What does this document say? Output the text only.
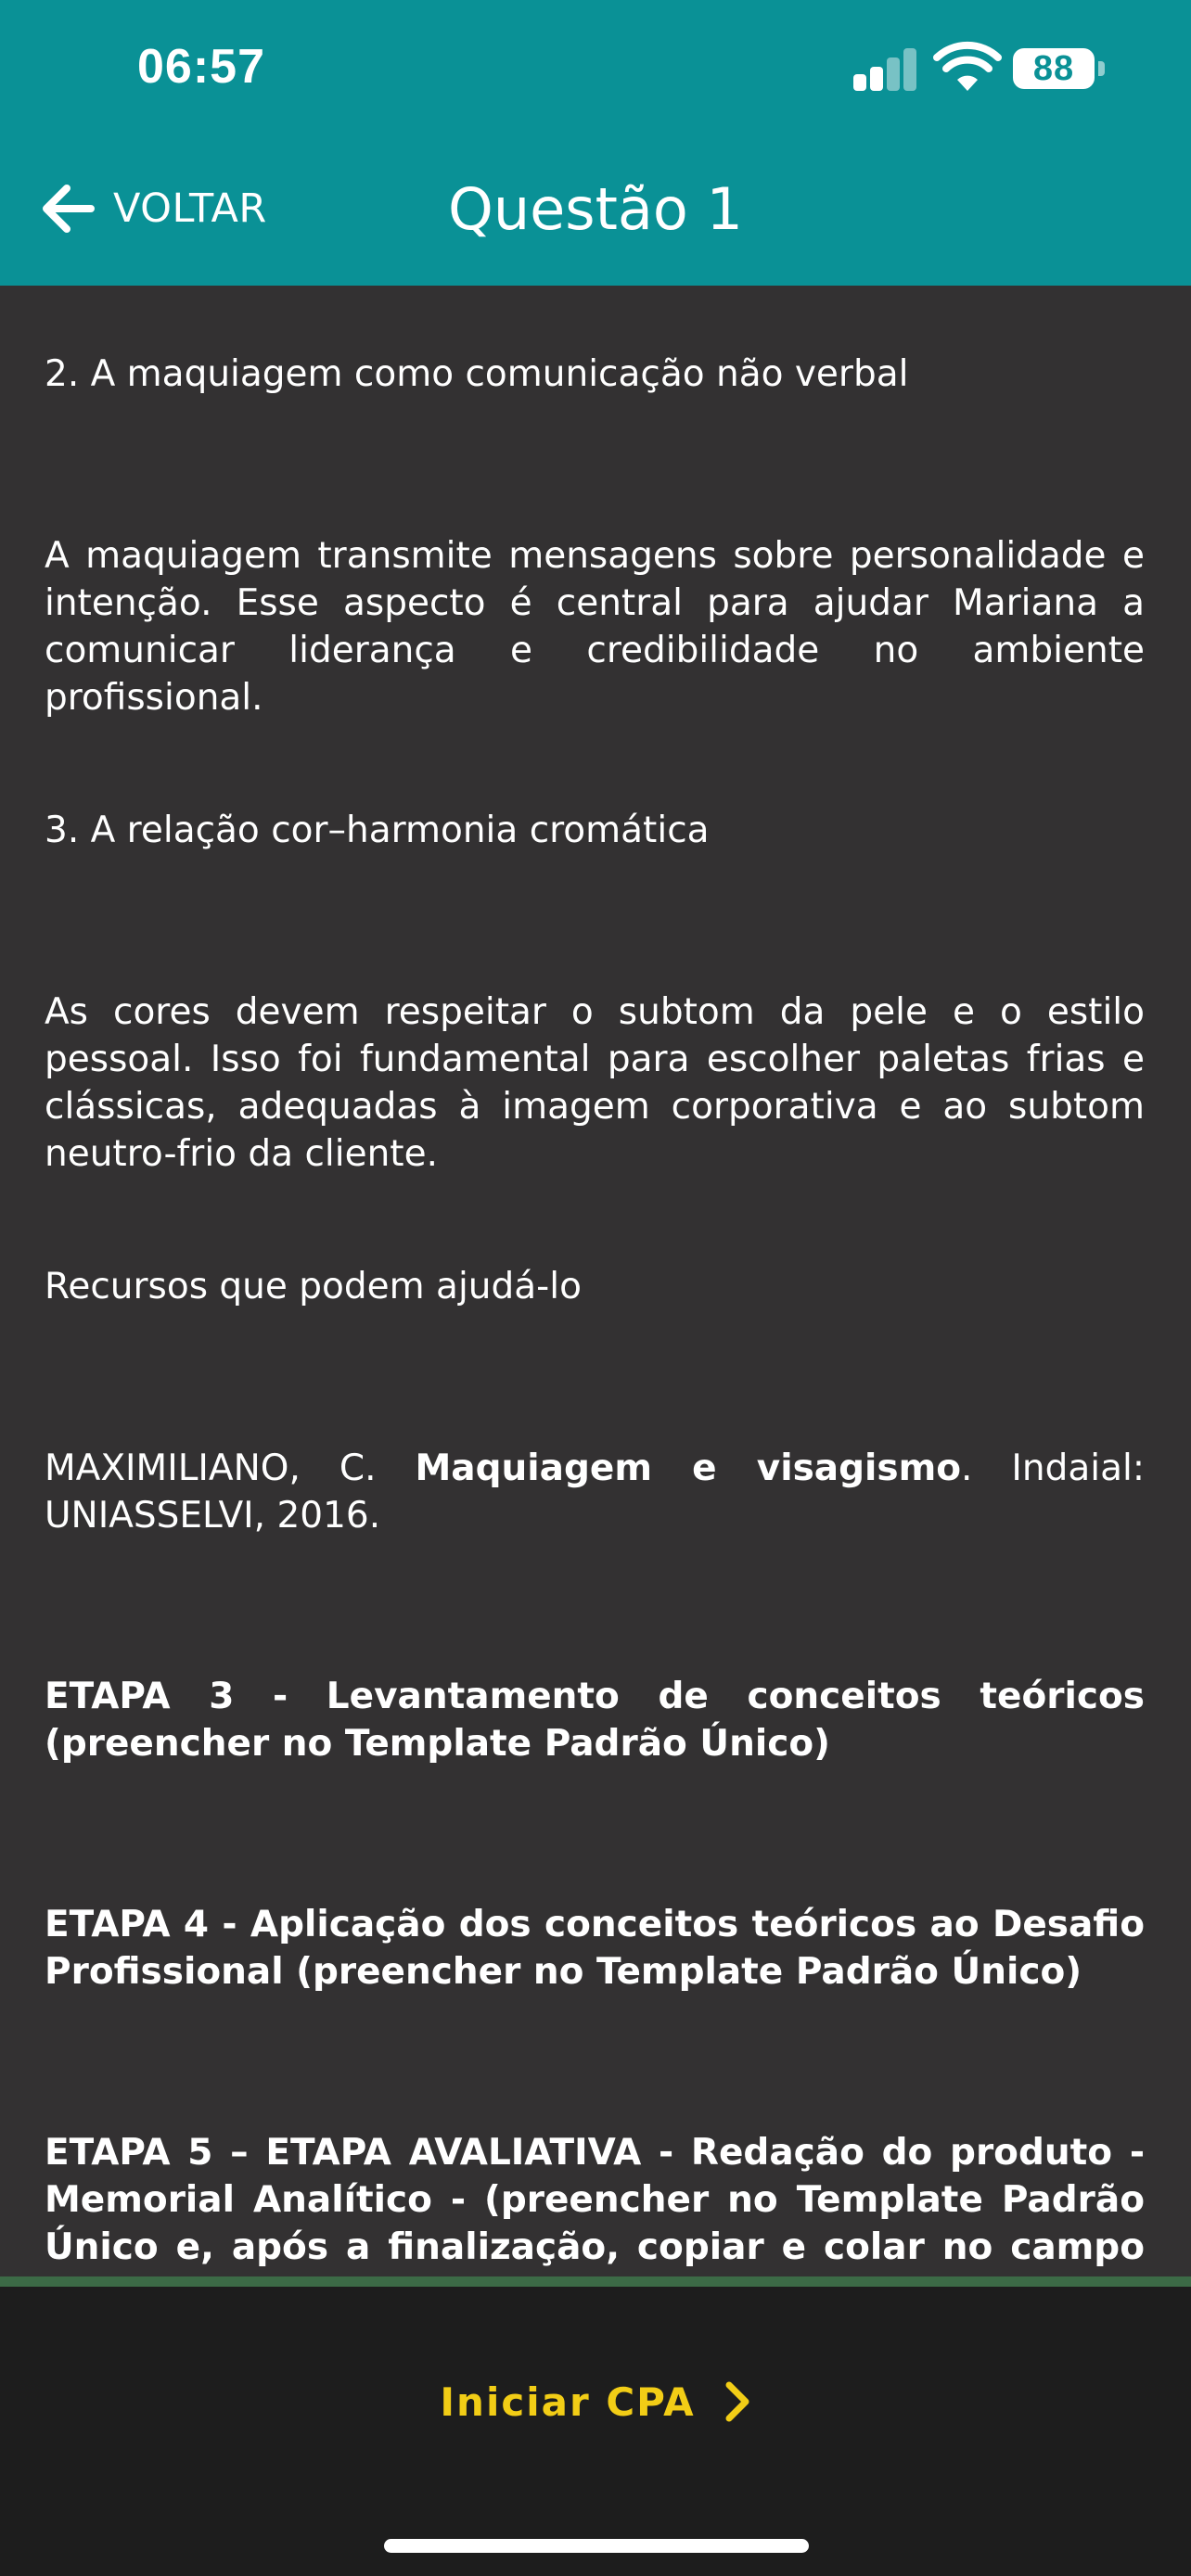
06:57	88
VOLTAR	Questão 1

2. A maquiagem como comunicação não verbal

A maquiagem transmite mensagens sobre personalidade e intenção. Esse aspecto é central para ajudar Mariana a comunicar liderança e credibilidade no ambiente profissional.

3. A relação cor–harmonia cromática

As cores devem respeitar o subtom da pele e o estilo pessoal. Isso foi fundamental para escolher paletas frias e clássicas, adequadas à imagem corporativa e ao subtom neutro-frio da cliente.

Recursos que podem ajudá-lo

MAXIMILIANO, C. Maquiagem e visagismo. Indaial: UNIASSELVI, 2016.

ETAPA 3 - Levantamento de conceitos teóricos (preencher no Template Padrão Único)

ETAPA 4 - Aplicação dos conceitos teóricos ao Desafio Profissional (preencher no Template Padrão Único)

ETAPA 5 – ETAPA AVALIATIVA - Redação do produto - Memorial Analítico - (preencher no Template Padrão Único e, após a finalização, copiar e colar no campo

Iniciar CPA
